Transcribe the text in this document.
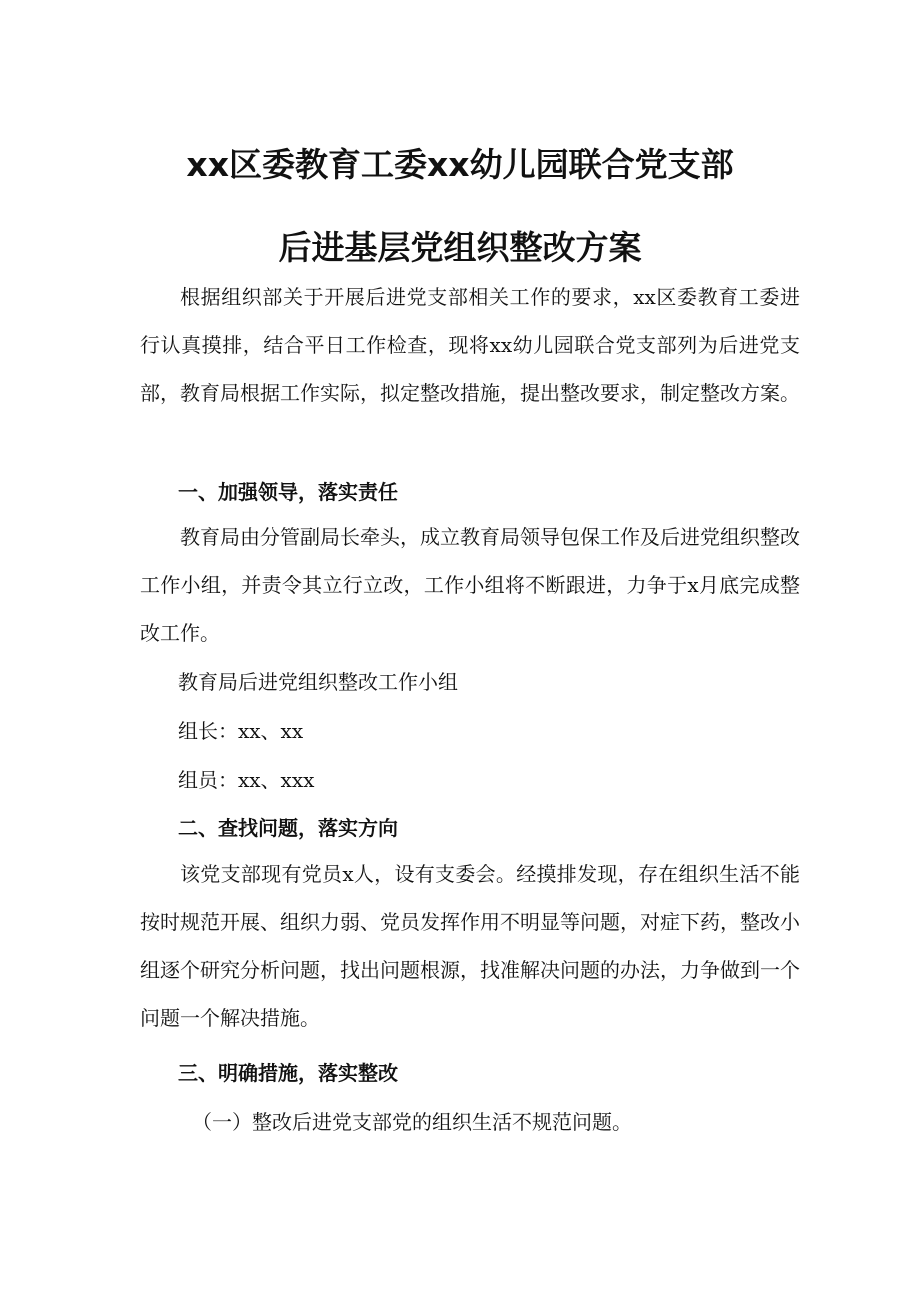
xx区委教育工委xx幼儿园联合党支部
后进基层党组织整改方案

根据组织部关于开展后进党支部相关工作的要求，xx区委教育工委进行认真摸排，结合平日工作检查，现将xx幼儿园联合党支部列为后进党支部，教育局根据工作实际，拟定整改措施，提出整改要求，制定整改方案。

一、加强领导，落实责任

教育局由分管副局长牵头，成立教育局领导包保工作及后进党组织整改工作小组，并责令其立行立改，工作小组将不断跟进，力争于x月底完成整改工作。

教育局后进党组织整改工作小组
组长：xx、xx
组员：xx、xxx
二、查找问题，落实方向

该党支部现有党员x人，设有支委会。经摸排发现，存在组织生活不能按时规范开展、组织力弱、党员发挥作用不明显等问题，对症下药，整改小组逐个研究分析问题，找出问题根源，找准解决问题的办法，力争做到一个问题一个解决措施。

三、明确措施，落实整改
（一）整改后进党支部党的组织生活不规范问题。
